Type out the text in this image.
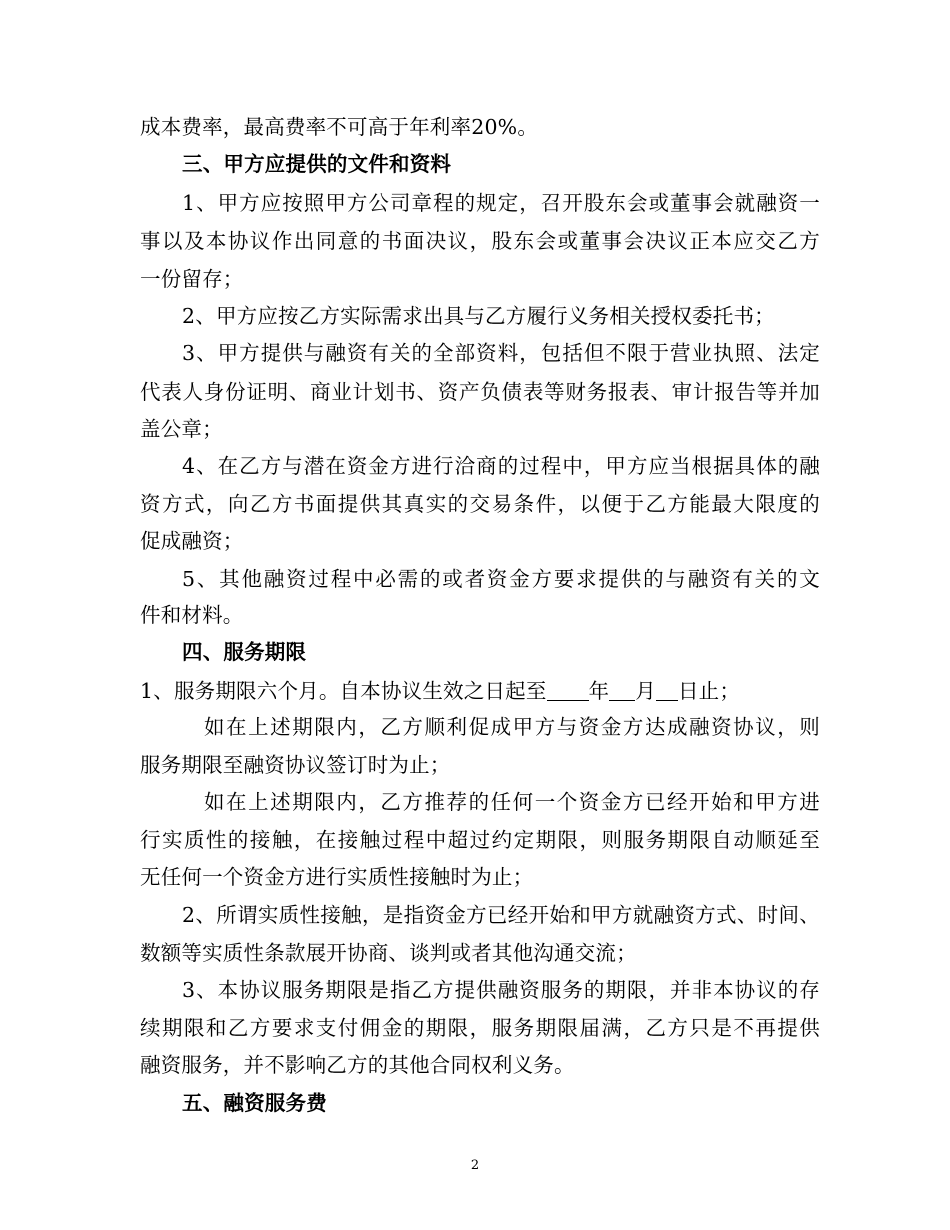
成本费率，最高费率不可高于年利率20%。
三、甲方应提供的文件和资料
1、甲方应按照甲方公司章程的规定，召开股东会或董事会就融资一
事以及本协议作出同意的书面决议，股东会或董事会决议正本应交乙方
一份留存；
2、甲方应按乙方实际需求出具与乙方履行义务相关授权委托书；
3、甲方提供与融资有关的全部资料，包括但不限于营业执照、法定
代表人身份证明、商业计划书、资产负债表等财务报表、审计报告等并加
盖公章；
4、在乙方与潜在资金方进行洽商的过程中，甲方应当根据具体的融
资方式，向乙方书面提供其真实的交易条件，以便于乙方能最大限度的
促成融资；
5、其他融资过程中必需的或者资金方要求提供的与融资有关的文
件和材料。
四、服务期限
1、服务期限六个月。自本协议生效之日起至 年 月 日止；
如在上述期限内，乙方顺利促成甲方与资金方达成融资协议，则
服务期限至融资协议签订时为止；
如在上述期限内，乙方推荐的任何一个资金方已经开始和甲方进
行实质性的接触，在接触过程中超过约定期限，则服务期限自动顺延至
无任何一个资金方进行实质性接触时为止；
2、所谓实质性接触，是指资金方已经开始和甲方就融资方式、时间、
数额等实质性条款展开协商、谈判或者其他沟通交流；
3、本协议服务期限是指乙方提供融资服务的期限，并非本协议的存
续期限和乙方要求支付佣金的期限，服务期限届满，乙方只是不再提供
融资服务，并不影响乙方的其他合同权利义务。
五、融资服务费
2
